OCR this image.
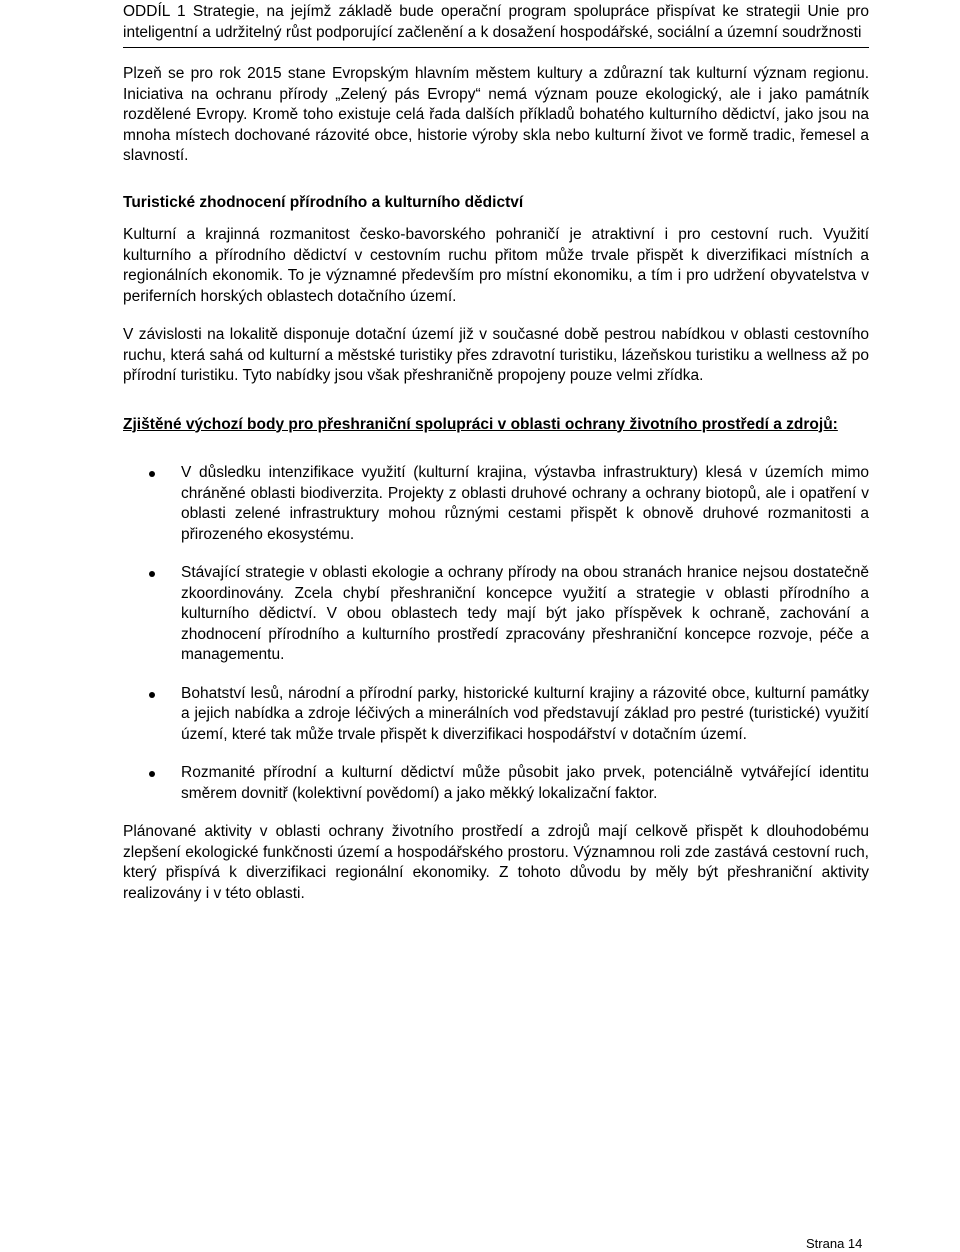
ODDÍL 1 Strategie, na jejímž základě bude operační program spolupráce přispívat ke strategii Unie pro inteligentní a udržitelný růst podporující začlenění a k dosažení hospodářské, sociální a územní soudržnosti

Plzeň se pro rok 2015 stane Evropským hlavním městem kultury a zdůrazní tak kulturní význam regionu. Iniciativa na ochranu přírody „Zelený pás Evropy“ nemá význam pouze ekologický, ale i jako památník rozdělené Evropy. Kromě toho existuje celá řada dalších příkladů bohatého kulturního dědictví, jako jsou na mnoha místech dochované rázovité obce, historie výroby skla nebo kulturní život ve formě tradic, řemesel a slavností.

Turistické zhodnocení přírodního a kulturního dědictví

Kulturní a krajinná rozmanitost česko-bavorského pohraničí je atraktivní i pro cestovní ruch. Využití kulturního a přírodního dědictví v cestovním ruchu přitom může trvale přispět k diverzifikaci místních a regionálních ekonomik. To je významné především pro místní ekonomiku, a tím i pro udržení obyvatelstva v periferních horských oblastech dotačního území.

V závislosti na lokalitě disponuje dotační území již v současné době pestrou nabídkou v oblasti cestovního ruchu, která sahá od kulturní a městské turistiky přes zdravotní turistiku, lázeňskou turistiku a wellness až po přírodní turistiku. Tyto nabídky jsou však přeshraničně propojeny pouze velmi zřídka.

Zjištěné výchozí body pro přeshraniční spolupráci v oblasti ochrany životního prostředí a zdrojů:

V důsledku intenzifikace využití (kulturní krajina, výstavba infrastruktury) klesá v územích mimo chráněné oblasti biodiverzita. Projekty z oblasti druhové ochrany a ochrany biotopů, ale i opatření v oblasti zelené infrastruktury mohou různými cestami přispět k obnově druhové rozmanitosti a přirozeného ekosystému.

Stávající strategie v oblasti ekologie a ochrany přírody na obou stranách hranice nejsou dostatečně zkoordinovány. Zcela chybí přeshraniční koncepce využití a strategie v oblasti přírodního a kulturního dědictví. V obou oblastech tedy mají být jako příspěvek k ochraně, zachování a zhodnocení přírodního a kulturního prostředí zpracovány přeshraniční koncepce rozvoje, péče a managementu.

Bohatství lesů, národní a přírodní parky, historické kulturní krajiny a rázovité obce, kulturní památky a jejich nabídka a zdroje léčivých a minerálních vod představují základ pro pestré (turistické) využití území, které tak může trvale přispět k diverzifikaci hospodářství v dotačním území.

Rozmanité přírodní a kulturní dědictví může působit jako prvek, potenciálně vytvářející identitu směrem dovnitř (kolektivní povědomí) a jako měkký lokalizační faktor.

Plánované aktivity v oblasti ochrany životního prostředí a zdrojů mají celkově přispět k dlouhodobému zlepšení ekologické funkčnosti území a hospodářského prostoru. Významnou roli zde zastává cestovní ruch, který přispívá k diverzifikaci regionální ekonomiky. Z tohoto důvodu by měly být přeshraniční aktivity realizovány i v této oblasti.

Strana 14
